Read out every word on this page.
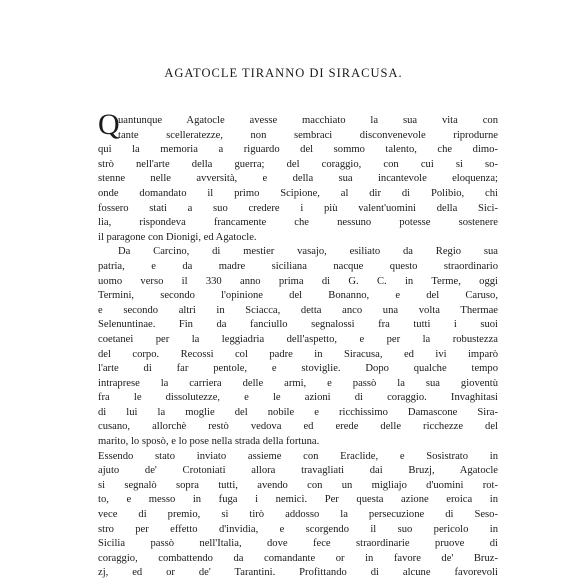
AGATOCLE TIRANNO DI SIRACUSA.
Q
uantunque Agatocle avesse macchiato la sua vita con
tante scelleratezze, non sembraci disconvenevole riprodurne
qui la memoria a riguardo del sommo talento, che dimo-
strò nell'arte della guerra; del coraggio, con cui si so-
stenne nelle avversità, e della sua incantevole eloquenza;
onde domandato il primo Scipione, al dir di Polibio, chi
fossero stati a suo credere i più valent'uomini della Sici-
lia, rispondeva francamente che nessuno potesse sostenere
il paragone con Dionigi, ed Agatocle.
Da Carcino, di mestier vasajo, esiliato da Regio sua
patria, e da madre siciliana nacque questo straordinario
uomo verso il 330 anno prima di G. C. in Terme, oggi
Termini, secondo l'opinione del Bonanno, e del Caruso,
e secondo altri in Sciacca, detta anco una volta Thermae
Selenuntinae. Fin da fanciullo segnalossi fra tutti i suoi
coetanei per la leggiadria dell'aspetto, e per la robustezza
del corpo. Recossi col padre in Siracusa, ed ivi imparò
l'arte di far pentole, e stoviglie. Dopo qualche tempo
intraprese la carriera delle armi, e passò la sua gioventù
fra le dissolutezze, e le azioni di coraggio. Invaghitasi
di lui la moglie del nobile e ricchissimo Damascone Sira-
cusano, allorchè restò vedova ed erede delle ricchezze del
marito, lo sposò, e lo pose nella strada della fortuna.
Essendo stato inviato assieme con Eraclide, e Sosistrato in
ajuto de' Crotoniati allora travagliati dai Bruzj, Agatocle
si segnalò sopra tutti, avendo con un migliajo d'uomini rot-
to, e messo in fuga i nemici. Per questa azione eroica in
vece di premio, si tirò addosso la persecuzione di Seso-
stro per effetto d'invidia, e scorgendo il suo pericolo in
Sicilia passò nell'Italia, dove fece straordinarie pruove di
coraggio, combattendo da comandante or in favore de' Bruz-
zj, ed or de' Tarantini. Profittando di alcune favorevoli
